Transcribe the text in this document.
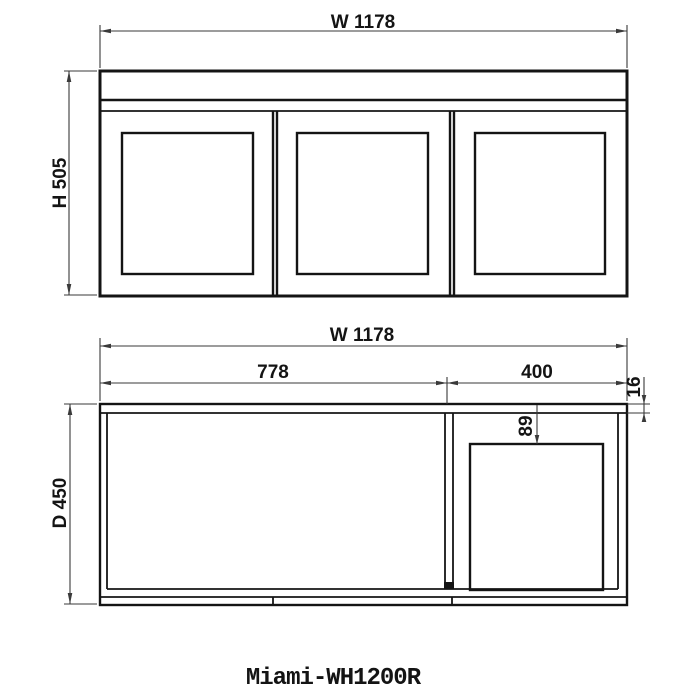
W 1178
H 505
W 1178
778	400
16
89
D 450
Miami-WH1200R
